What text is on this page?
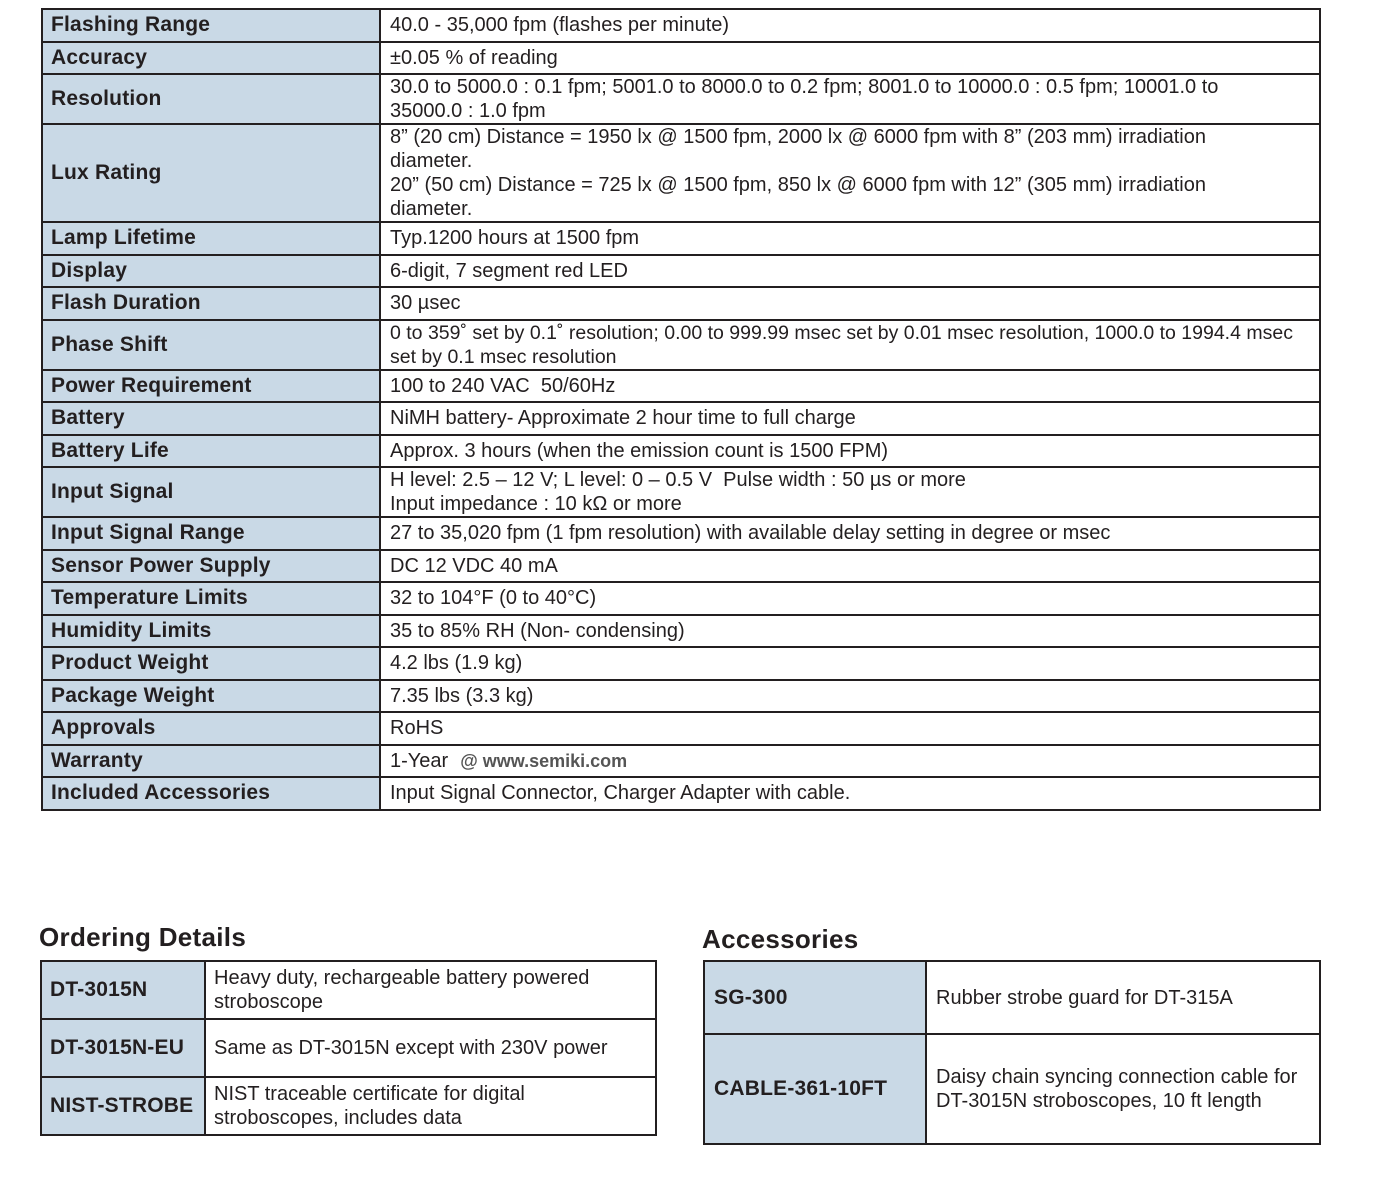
Flashing Range	40.0 - 35,000 fpm (flashes per minute)
Accuracy	±0.05 % of reading
Resolution	30.0 to 5000.0 : 0.1 fpm; 5001.0 to 8000.0 to 0.2 fpm; 8001.0 to 10000.0 : 0.5 fpm; 10001.0 to 35000.0 : 1.0 fpm
Lux Rating	8” (20 cm) Distance = 1950 lx @ 1500 fpm, 2000 lx @ 6000 fpm with 8” (203 mm) irradiation diameter.
20” (50 cm) Distance = 725 lx @ 1500 fpm, 850 lx @ 6000 fpm with 12” (305 mm) irradiation diameter.

Lamp Lifetime	Typ.1200 hours at 1500 fpm
Display	6-digit, 7 segment red LED
Flash Duration	30 µsec
Phase Shift	0 to 359˚ set by 0.1˚ resolution; 0.00 to 999.99 msec set by 0.01 msec resolution, 1000.0 to 1994.4 msec set by 0.1 msec resolution
Power Requirement	100 to 240 VAC  50/60Hz
Battery	NiMH battery- Approximate 2 hour time to full charge
Battery Life	Approx. 3 hours (when the emission count is 1500 FPM)
Input Signal	H level: 2.5 – 12 V; L level: 0 – 0.5 V  Pulse width : 50 µs or more
Input impedance : 10 kΩ or more

Input Signal Range	27 to 35,020 fpm (1 fpm resolution) with available delay setting in degree or msec
Sensor Power Supply	DC 12 VDC 40 mA
Temperature Limits	32 to 104°F (0 to 40°C)
Humidity Limits	35 to 85% RH (Non- condensing)
Product Weight	4.2 lbs (1.9 kg)
Package Weight	7.35 lbs (3.3 kg)
Approvals	RoHS
Warranty	1-Year @ www.semiki.com
Included Accessories	Input Signal Connector, Charger Adapter with cable.
Ordering Details
DT-3015N	Heavy duty, rechargeable battery powered stroboscope
DT-3015N-EU	Same as DT-3015N except with 230V power
NIST-STROBE	NIST traceable certificate for digital stroboscopes, includes data
Accessories
SG-300	Rubber strobe guard for DT-315A
CABLE-361-10FT	Daisy chain syncing connection cable for DT-3015N stroboscopes, 10 ft length
